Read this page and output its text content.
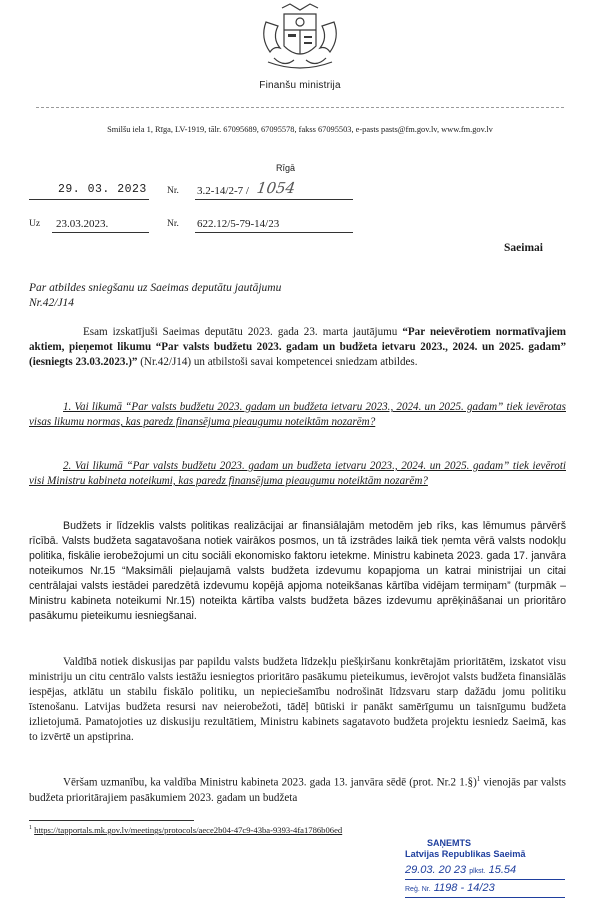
Finanšu ministrija
Smilšu iela 1, Rīga, LV-1919, tālr. 67095689, 67095578, fakss 67095503, e-pasts pasts@fm.gov.lv, www.fm.gov.lv
Rīgā
29. 03. 2023 Nr. 3.2-14/2-7 / 1054
Uz 23.03.2023.	Nr. 622.12/5-79-14/23
Saeimai
Par atbildes sniegšanu uz Saeimas deputātu jautājumu Nr.42/J14
Esam izskatījuši Saeimas deputātu 2023. gada 23. marta jautājumu “Par neievērotiem normatīvajiem aktiem, pieņemot likumu “Par valsts budžetu 2023. gadam un budžeta ietvaru 2023., 2024. un 2025. gadam” (iesniegts 23.03.2023.)” (Nr.42/J14) un atbilstoši savai kompetencei sniedzam atbildes.
1. Vai likumā “Par valsts budžetu 2023. gadam un budžeta ietvaru 2023., 2024. un 2025. gadam” tiek ievērotas visas likumu normas, kas paredz finansējuma pieaugumu noteiktām nozarēm?
2. Vai likumā “Par valsts budžetu 2023. gadam un budžeta ietvaru 2023., 2024. un 2025. gadam” tiek ievēroti visi Ministru kabineta noteikumi, kas paredz finansējuma pieaugumu noteiktām nozarēm?
Budžets ir līdzeklis valsts politikas realizācijai ar finansiālajām metodēm jeb rīks, kas lēmumus pārvērš rīcībā. Valsts budžeta sagatavošana notiek vairākos posmos, un tā izstrādes laikā tiek ņemta vērā valsts nodokļu politika, fiskālie ierobežojumi un citu sociāli ekonomisko faktoru ietekme. Ministru kabineta 2023. gada 17. janvāra noteikumos Nr.15 “Maksimāli pieļaujamā valsts budžeta izdevumu kopapjoma un katrai ministrijai un citai centrālajai valsts iestādei paredzētā izdevumu kopējā apjoma noteikšanas kārtība vidējam termiņam” (turpmāk – Ministru kabineta noteikumi Nr.15) noteikta kārtība valsts budžeta bāzes izdevumu aprēķināšanai un prioritāro pasākumu pieteikumu iesniegšanai.
Valdībā notiek diskusijas par papildu valsts budžeta līdzekļu piešķiršanu konkrētajām prioritātēm, izskatot visu ministriju un citu centrālo valsts iestāžu iesniegtos prioritāro pasākumu pieteikumus, ievērojot valsts budžeta finansiālās iespējas, atklātu un stabilu fiskālo politiku, un nepieciešamību nodrošināt līdzsvaru starp dažādu jomu politiku īstenošanu. Latvijas budžeta resursi nav neierobežoti, tādēļ būtiski ir panākt samērīgumu un taisnīgumu budžeta izlietojumā. Pamatojoties uz diskusiju rezultātiem, Ministru kabinets sagatavoto budžeta projektu iesniedz Saeimā, kas to izvērtē un apstiprina.
Vēršam uzmanību, ka valdība Ministru kabineta 2023. gada 13. janvāra sēdē (prot. Nr.2 1.§)$^1$ vienojās par valsts budžeta prioritārajiem pasākumiem 2023. gadam un budžeta
$^1$ https://tapportals.mk.gov.lv/meetings/protocols/aece2b04-47c9-43ba-9393-4fa1786b06ed
SAŅEMTS
Latvijas Republikas Saeimā
29.03. 20 23 plkst. 15.54
Reģ. Nr. 1198 - 14/23
